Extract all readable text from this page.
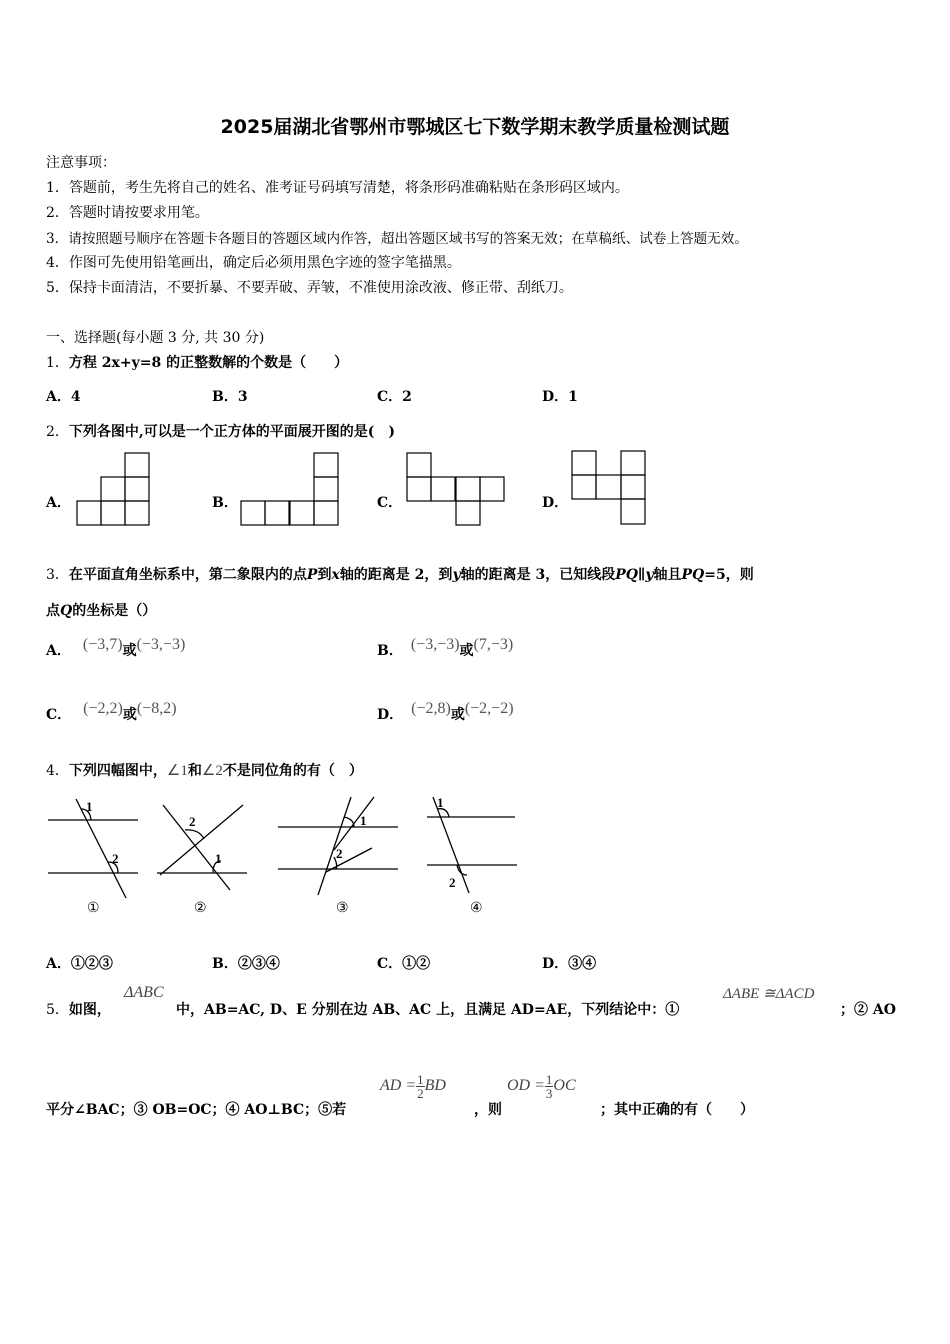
2025届湖北省鄂州市鄂城区七下数学期末教学质量检测试题
注意事项：
1．答题前，考生先将自己的姓名、准考证号码填写清楚，将条形码准确粘贴在条形码区域内。
2．答题时请按要求用笔。
3．请按照题号顺序在答题卡各题目的答题区域内作答，超出答题区域书写的答案无效；在草稿纸、试卷上答题无效。
4．作图可先使用铅笔画出，确定后必须用黑色字迹的签字笔描黑。
5．保持卡面清洁，不要折暴、不要弄破、弄皱，不准使用涂改液、修正带、刮纸刀。
一、选择题(每小题 3 分, 共 30 分)
1．方程 2x+y=8 的正整数解的个数是（　　）
A．4	B．3	C．2	D．1
2．下列各图中,可以是一个正方体的平面展开图的是(　)
A．	B．	C．	D．
3．在平面直角坐标系中，第二象限内的点P到x轴的距离是 2，到y轴的距离是 3，已知线段PQ∥y轴且PQ=5，则
点Q的坐标是（）
A． (−3,7)或(−3,−3)	B． (−3,−3)或(7,−3)
C． (−2,2)或(−8,2)	D． (−2,8)或(−2,−2)
4．下列四幅图中，∠1和∠2不是同位角的有（　）
1
2
2
1
1
2
1
2
①	②	③	④
A．①②③	B．②③④	C．①②	D．③④
5．如图，
ΔABC
中，AB=AC, D、E 分别在边 AB、AC 上，且满足 AD=AE，下列结论中：①
ΔABE ≅ΔACD
；② AO
平分∠BAC；③ OB=OC；④ AO⊥BC；⑤若
AD = $\frac{1}{2}$ BD
，则
OD = $\frac{1}{3}$ OC
；其中正确的有（　　）
